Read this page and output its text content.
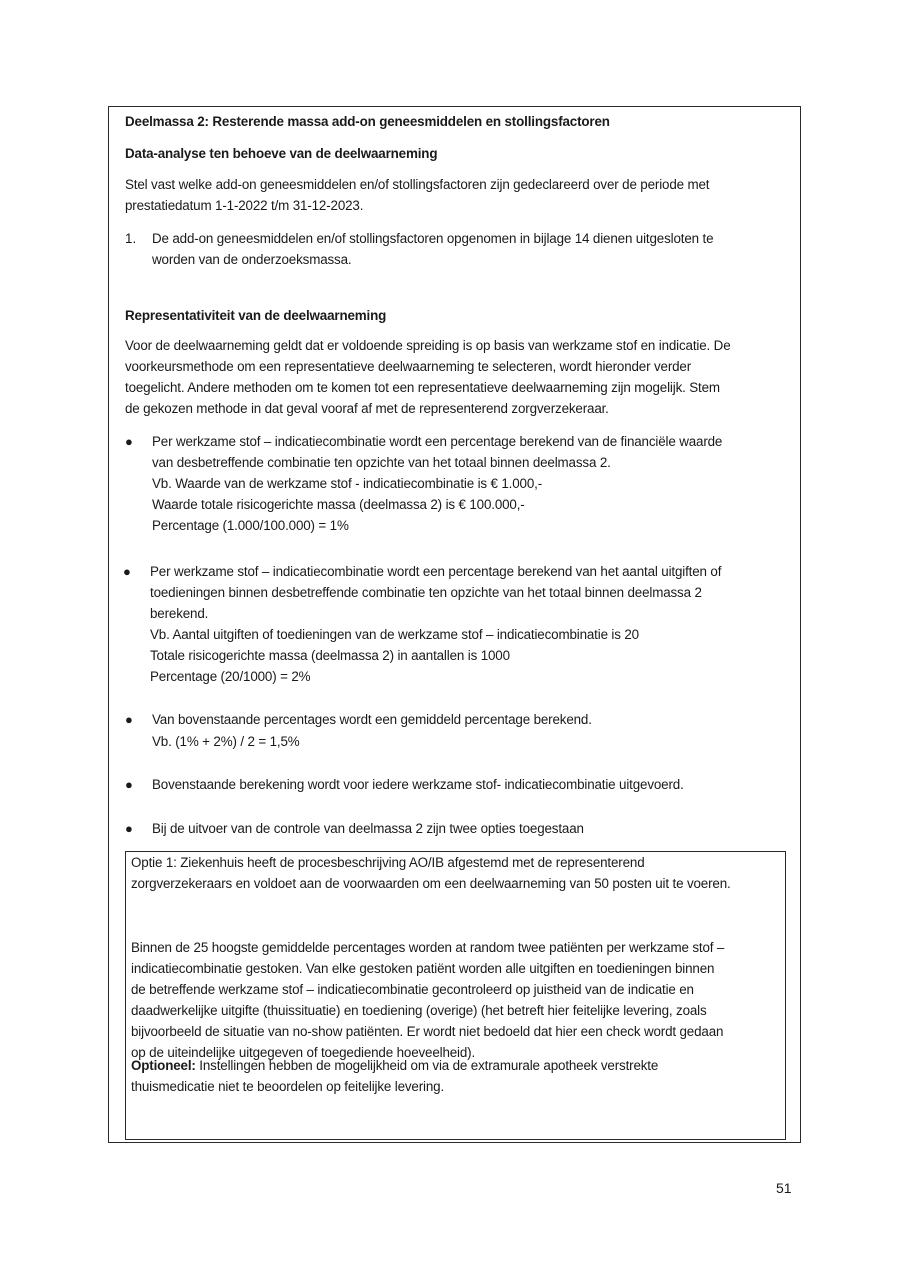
Deelmassa 2: Resterende massa add-on geneesmiddelen en stollingsfactoren
Data-analyse ten behoeve van de deelwaarneming
Stel vast welke add-on geneesmiddelen en/of stollingsfactoren zijn gedeclareerd over de periode met
prestatiedatum 1-1-2022 t/m 31-12-2023.
1. De add-on geneesmiddelen en/of stollingsfactoren opgenomen in bijlage 14 dienen uitgesloten te
worden van de onderzoeksmassa.
Representativiteit van de deelwaarneming
Voor de deelwaarneming geldt dat er voldoende spreiding is op basis van werkzame stof en indicatie. De
voorkeursmethode om een representatieve deelwaarneming te selecteren, wordt hieronder verder
toegelicht. Andere methoden om te komen tot een representatieve deelwaarneming zijn mogelijk. Stem
de gekozen methode in dat geval vooraf af met de representerend zorgverzekeraar.
● Per werkzame stof – indicatiecombinatie wordt een percentage berekend van de financiële waarde
van desbetreffende combinatie ten opzichte van het totaal binnen deelmassa 2.
Vb. Waarde van de werkzame stof - indicatiecombinatie is € 1.000,-
Waarde totale risicogerichte massa (deelmassa 2) is € 100.000,-
Percentage (1.000/100.000) = 1%
● Per werkzame stof – indicatiecombinatie wordt een percentage berekend van het aantal uitgiften of
toedieningen binnen desbetreffende combinatie ten opzichte van het totaal binnen deelmassa 2
berekend.
Vb. Aantal uitgiften of toedieningen van de werkzame stof – indicatiecombinatie is 20
Totale risicogerichte massa (deelmassa 2) in aantallen is 1000
Percentage (20/1000) = 2%
● Van bovenstaande percentages wordt een gemiddeld percentage berekend.
Vb. (1% + 2%) / 2 = 1,5%
● Bovenstaande berekening wordt voor iedere werkzame stof- indicatiecombinatie uitgevoerd.
● Bij de uitvoer van de controle van deelmassa 2 zijn twee opties toegestaan
Optie 1: Ziekenhuis heeft de procesbeschrijving AO/IB afgestemd met de representerend
zorgverzekeraars en voldoet aan de voorwaarden om een deelwaarneming van 50 posten uit te voeren.
Binnen de 25 hoogste gemiddelde percentages worden at random twee patiënten per werkzame stof –
indicatiecombinatie gestoken. Van elke gestoken patiënt worden alle uitgiften en toedieningen binnen
de betreffende werkzame stof – indicatiecombinatie gecontroleerd op juistheid van de indicatie en
daadwerkelijke uitgifte (thuissituatie) en toediening (overige) (het betreft hier feitelijke levering, zoals
bijvoorbeeld de situatie van no-show patiënten. Er wordt niet bedoeld dat hier een check wordt gedaan
op de uiteindelijke uitgegeven of toegediende hoeveelheid).
Optioneel: Instellingen hebben de mogelijkheid om via de extramurale apotheek verstrekte
thuismedicatie niet te beoordelen op feitelijke levering.
51
